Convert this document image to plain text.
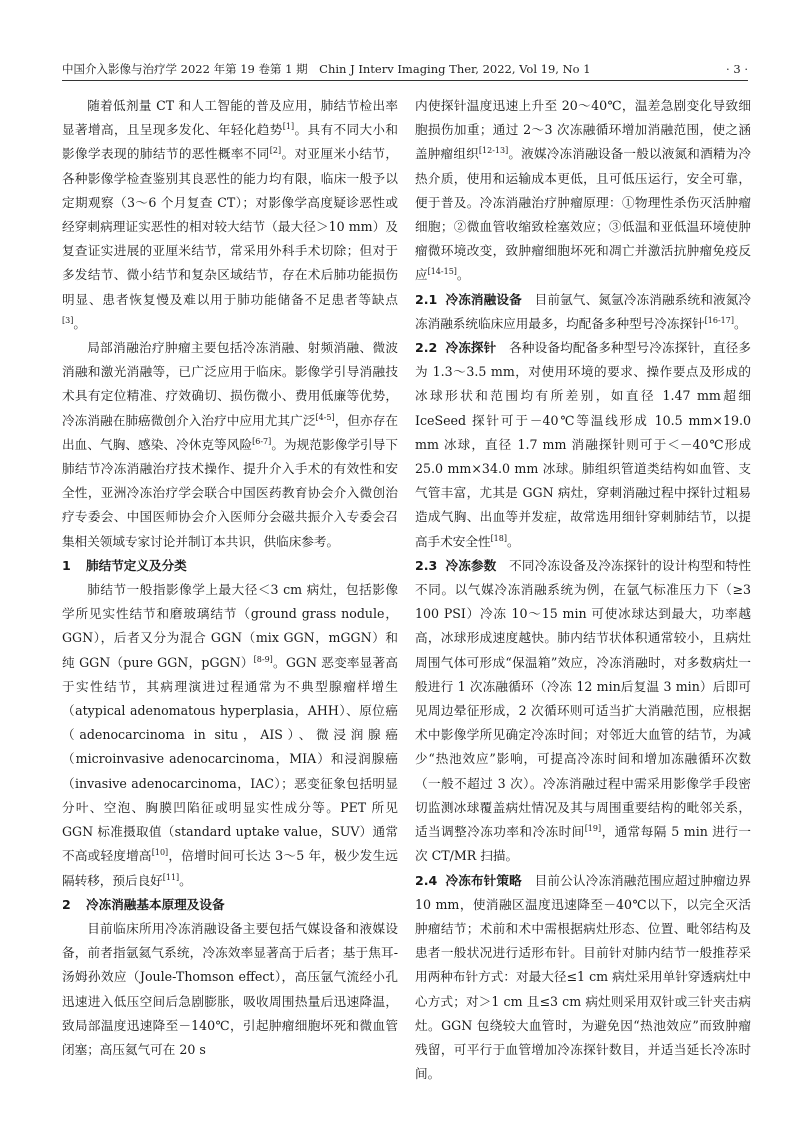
中国介入影像与治疗学 2022 年第 19 卷第 1 期　Chin J Interv Imaging Ther, 2022, Vol 19, No 1	· 3 ·

随着低剂量 CT 和人工智能的普及应用，肺结节检出率显著增高，且呈现多发化、年轻化趋势[1]。具有不同大小和影像学表现的肺结节的恶性概率不同[2]。对亚厘米小结节，各种影像学检查鉴别其良恶性的能力均有限，临床一般予以定期观察（3～6 个月复查 CT）；对影像学高度疑诊恶性或经穿刺病理证实恶性的相对较大结节（最大径＞10 mm）及复查证实进展的亚厘米结节，常采用外科手术切除；但对于多发结节、微小结节和复杂区域结节，存在术后肺功能损伤明显、患者恢复慢及难以用于肺功能储备不足患者等缺点[3]。

局部消融治疗肿瘤主要包括冷冻消融、射频消融、微波消融和激光消融等，已广泛应用于临床。影像学引导消融技术具有定位精准、疗效确切、损伤微小、费用低廉等优势，冷冻消融在肺癌微创介入治疗中应用尤其广泛[4-5]，但亦存在出血、气胸、感染、冷休克等风险[6-7]。为规范影像学引导下肺结节冷冻消融治疗技术操作、提升介入手术的有效性和安全性，亚洲冷冻治疗学会联合中国医药教育协会介入微创治疗专委会、中国医师协会介入医师分会磁共振介入专委会召集相关领域专家讨论并制订本共识，供临床参考。

1 肺结节定义及分类

肺结节一般指影像学上最大径＜3 cm 病灶，包括影像学所见实性结节和磨玻璃结节（ground grass nodule，GGN），后者又分为混合 GGN（mix GGN，mGGN）和纯 GGN（pure GGN，pGGN）[8-9]。GGN 恶变率显著高于实性结节，其病理演进过程通常为不典型腺瘤样增生（atypical adenomatous hyperplasia，AHH）、原位癌（adenocarcinoma in situ，AIS）、微浸润腺癌（microinvasive adenocarcinoma，MIA）和浸润腺癌（invasive adenocarcinoma，IAC）；恶变征象包括明显分叶、空泡、胸膜凹陷征或明显实性成分等。PET 所见 GGN 标准摄取值（standard uptake value，SUV）通常不高或轻度增高[10]，倍增时间可长达 3～5 年，极少发生远隔转移，预后良好[11]。

2 冷冻消融基本原理及设备

目前临床所用冷冻消融设备主要包括气媒设备和液媒设备，前者指氩氦气系统，冷冻效率显著高于后者；基于焦耳-汤姆孙效应（Joule-Thomson effect），高压氩气流经小孔迅速进入低压空间后急剧膨胀，吸收周围热量后迅速降温，致局部温度迅速降至－140℃，引起肿瘤细胞坏死和微血管闭塞；高压氦气可在 20 s

内使探针温度迅速上升至 20～40℃，温差急剧变化导致细胞损伤加重；通过 2～3 次冻融循环增加消融范围，使之涵盖肿瘤组织[12-13]。液媒冷冻消融设备一般以液氮和酒精为冷热介质，使用和运输成本更低，且可低压运行，安全可靠，便于普及。冷冻消融治疗肿瘤原理：①物理性杀伤灭活肿瘤细胞；②微血管收缩致栓塞效应；③低温和亚低温环境使肿瘤微环境改变，致肿瘤细胞坏死和凋亡并激活抗肿瘤免疫反应[14-15]。

2.1 冷冻消融设备　 目前氩气、氮氩冷冻消融系统和液氮冷冻消融系统临床应用最多，均配备多种型号冷冻探针[16-17]。

2.2 冷冻探针　 各种设备均配备多种型号冷冻探针，直径多为 1.3～3.5 mm，对使用环境的要求、操作要点及形成的冰球形状和范围均有所差别，如直径 1.47 mm超细 IceSeed 探针可于－40℃等温线形成 10.5 mm×19.0 mm 冰球，直径 1.7 mm 消融探针则可于＜－40℃形成 25.0 mm×34.0 mm 冰球。肺组织管道类结构如血管、支气管丰富，尤其是 GGN 病灶，穿刺消融过程中探针过粗易造成气胸、出血等并发症，故常选用细针穿刺肺结节，以提高手术安全性[18]。

2.3 冷冻参数　 不同冷冻设备及冷冻探针的设计构型和特性不同。以气媒冷冻消融系统为例，在氩气标准压力下（≥3 100 PSI）冷冻 10～15 min 可使冰球达到最大，功率越高，冰球形成速度越快。肺内结节状体积通常较小，且病灶周围气体可形成“保温箱”效应，冷冻消融时，对多数病灶一般进行 1 次冻融循环（冷冻 12 min后复温 3 min）后即可见周边晕征形成，2 次循环则可适当扩大消融范围，应根据术中影像学所见确定冷冻时间；对邻近大血管的结节，为减少“热池效应”影响，可提高冷冻时间和增加冻融循环次数（一般不超过 3 次）。冷冻消融过程中需采用影像学手段密切监测冰球覆盖病灶情况及其与周围重要结构的毗邻关系，适当调整冷冻功率和冷冻时间[19]，通常每隔 5 min 进行一次 CT/MR 扫描。

2.4 冷冻布针策略　 目前公认冷冻消融范围应超过肿瘤边界 10 mm，使消融区温度迅速降至－40℃以下，以完全灭活肿瘤结节；术前和术中需根据病灶形态、位置、毗邻结构及患者一般状况进行适形布针。目前针对肺内结节一般推荐采用两种布针方式：对最大径≤1 cm 病灶采用单针穿透病灶中心方式；对＞1 cm 且≤3 cm 病灶则采用双针或三针夹击病灶。GGN 包绕较大血管时，为避免因“热池效应”而致肿瘤残留，可平行于血管增加冷冻探针数目，并适当延长冷冻时间。
